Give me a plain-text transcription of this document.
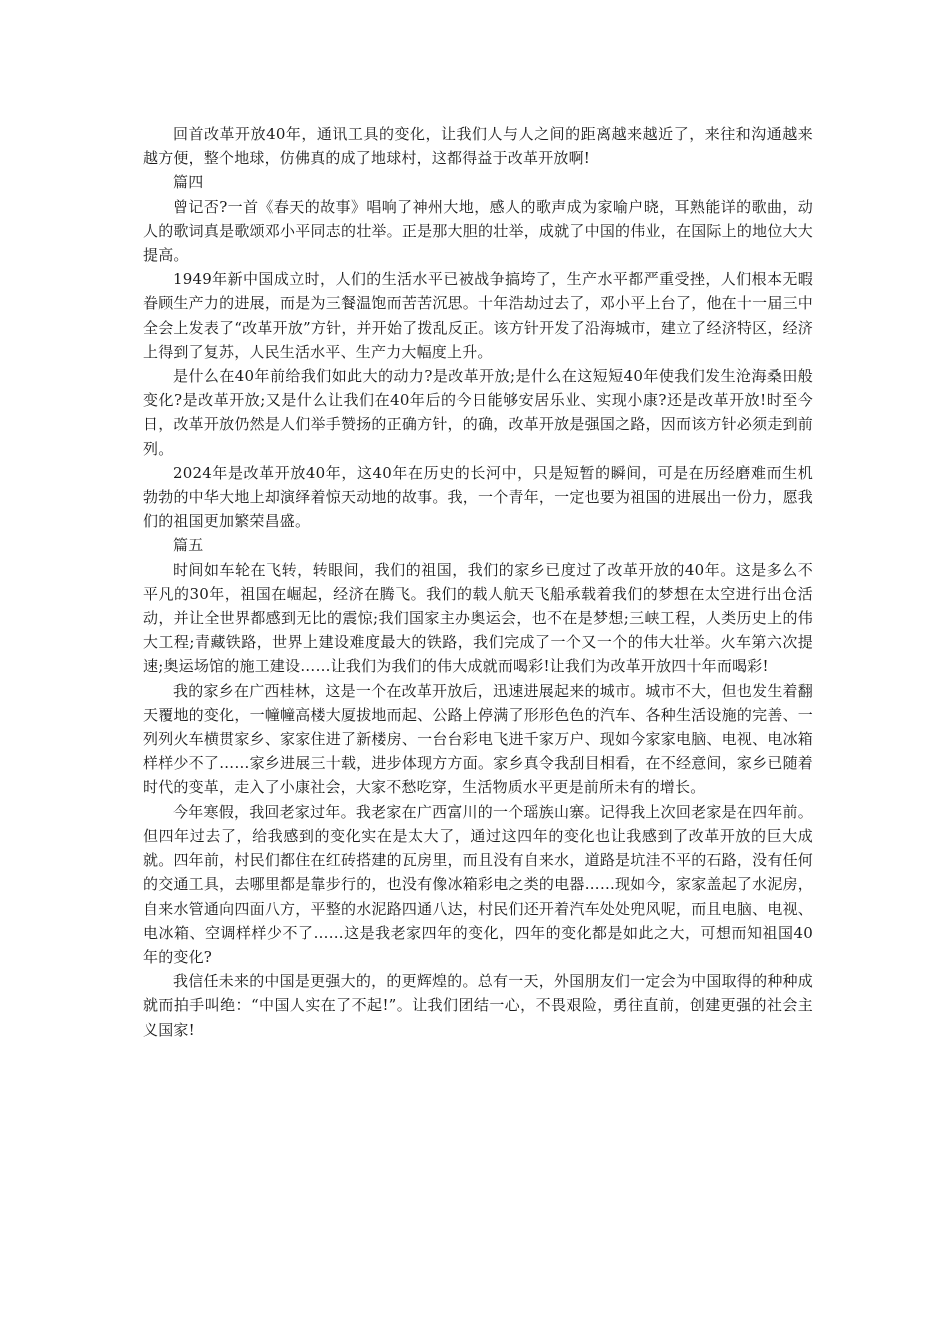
回首改革开放40年，通讯工具的变化，让我们人与人之间的距离越来越近了，来往和沟通越来越方便，整个地球，仿佛真的成了地球村，这都得益于改革开放啊!

篇四

曾记否?一首《春天的故事》唱响了神州大地，感人的歌声成为家喻户晓，耳熟能详的歌曲，动人的歌词真是歌颂邓小平同志的壮举。正是那大胆的壮举，成就了中国的伟业，在国际上的地位大大提高。

1949年新中国成立时，人们的生活水平已被战争搞垮了，生产水平都严重受挫，人们根本无暇眷顾生产力的进展，而是为三餐温饱而苦苦沉思。十年浩劫过去了，邓小平上台了，他在十一届三中全会上发表了“改革开放”方针，并开始了拨乱反正。该方针开发了沿海城市，建立了经济特区，经济上得到了复苏，人民生活水平、生产力大幅度上升。

是什么在40年前给我们如此大的动力?是改革开放;是什么在这短短40年使我们发生沧海桑田般变化?是改革开放;又是什么让我们在40年后的今日能够安居乐业、实现小康?还是改革开放!时至今日，改革开放仍然是人们举手赞扬的正确方针，的确，改革开放是强国之路，因而该方针必须走到前列。

2024年是改革开放40年，这40年在历史的长河中，只是短暂的瞬间，可是在历经磨难而生机勃勃的中华大地上却演绎着惊天动地的故事。我，一个青年，一定也要为祖国的进展出一份力，愿我们的祖国更加繁荣昌盛。

篇五

时间如车轮在飞转，转眼间，我们的祖国，我们的家乡已度过了改革开放的40年。这是多么不平凡的30年，祖国在崛起，经济在腾飞。我们的载人航天飞船承载着我们的梦想在太空进行出仓活动，并让全世界都感到无比的震惊;我们国家主办奥运会，也不在是梦想;三峡工程，人类历史上的伟大工程;青藏铁路，世界上建设难度最大的铁路，我们完成了一个又一个的伟大壮举。火车第六次提速;奥运场馆的施工建设……让我们为我们的伟大成就而喝彩!让我们为改革开放四十年而喝彩!

我的家乡在广西桂林，这是一个在改革开放后，迅速进展起来的城市。城市不大，但也发生着翻天覆地的变化，一幢幢高楼大厦拔地而起、公路上停满了形形色色的汽车、各种生活设施的完善、一列列火车横贯家乡、家家住进了新楼房、一台台彩电飞进千家万户、现如今家家电脑、电视、电冰箱样样少不了……家乡进展三十载，进步体现方方面。家乡真令我刮目相看，在不经意间，家乡已随着时代的变革，走入了小康社会，大家不愁吃穿，生活物质水平更是前所未有的增长。

今年寒假，我回老家过年。我老家在广西富川的一个瑶族山寨。记得我上次回老家是在四年前。但四年过去了，给我感到的变化实在是太大了，通过这四年的变化也让我感到了改革开放的巨大成就。四年前，村民们都住在红砖搭建的瓦房里，而且没有自来水，道路是坑洼不平的石路，没有任何的交通工具，去哪里都是靠步行的，也没有像冰箱彩电之类的电器……现如今，家家盖起了水泥房，自来水管通向四面八方，平整的水泥路四通八达，村民们还开着汽车处处兜风呢，而且电脑、电视、电冰箱、空调样样少不了……这是我老家四年的变化，四年的变化都是如此之大，可想而知祖国40年的变化?

我信任未来的中国是更强大的，的更辉煌的。总有一天，外国朋友们一定会为中国取得的种种成就而拍手叫绝：“中国人实在了不起!”。让我们团结一心，不畏艰险，勇往直前，创建更强的社会主义国家!
